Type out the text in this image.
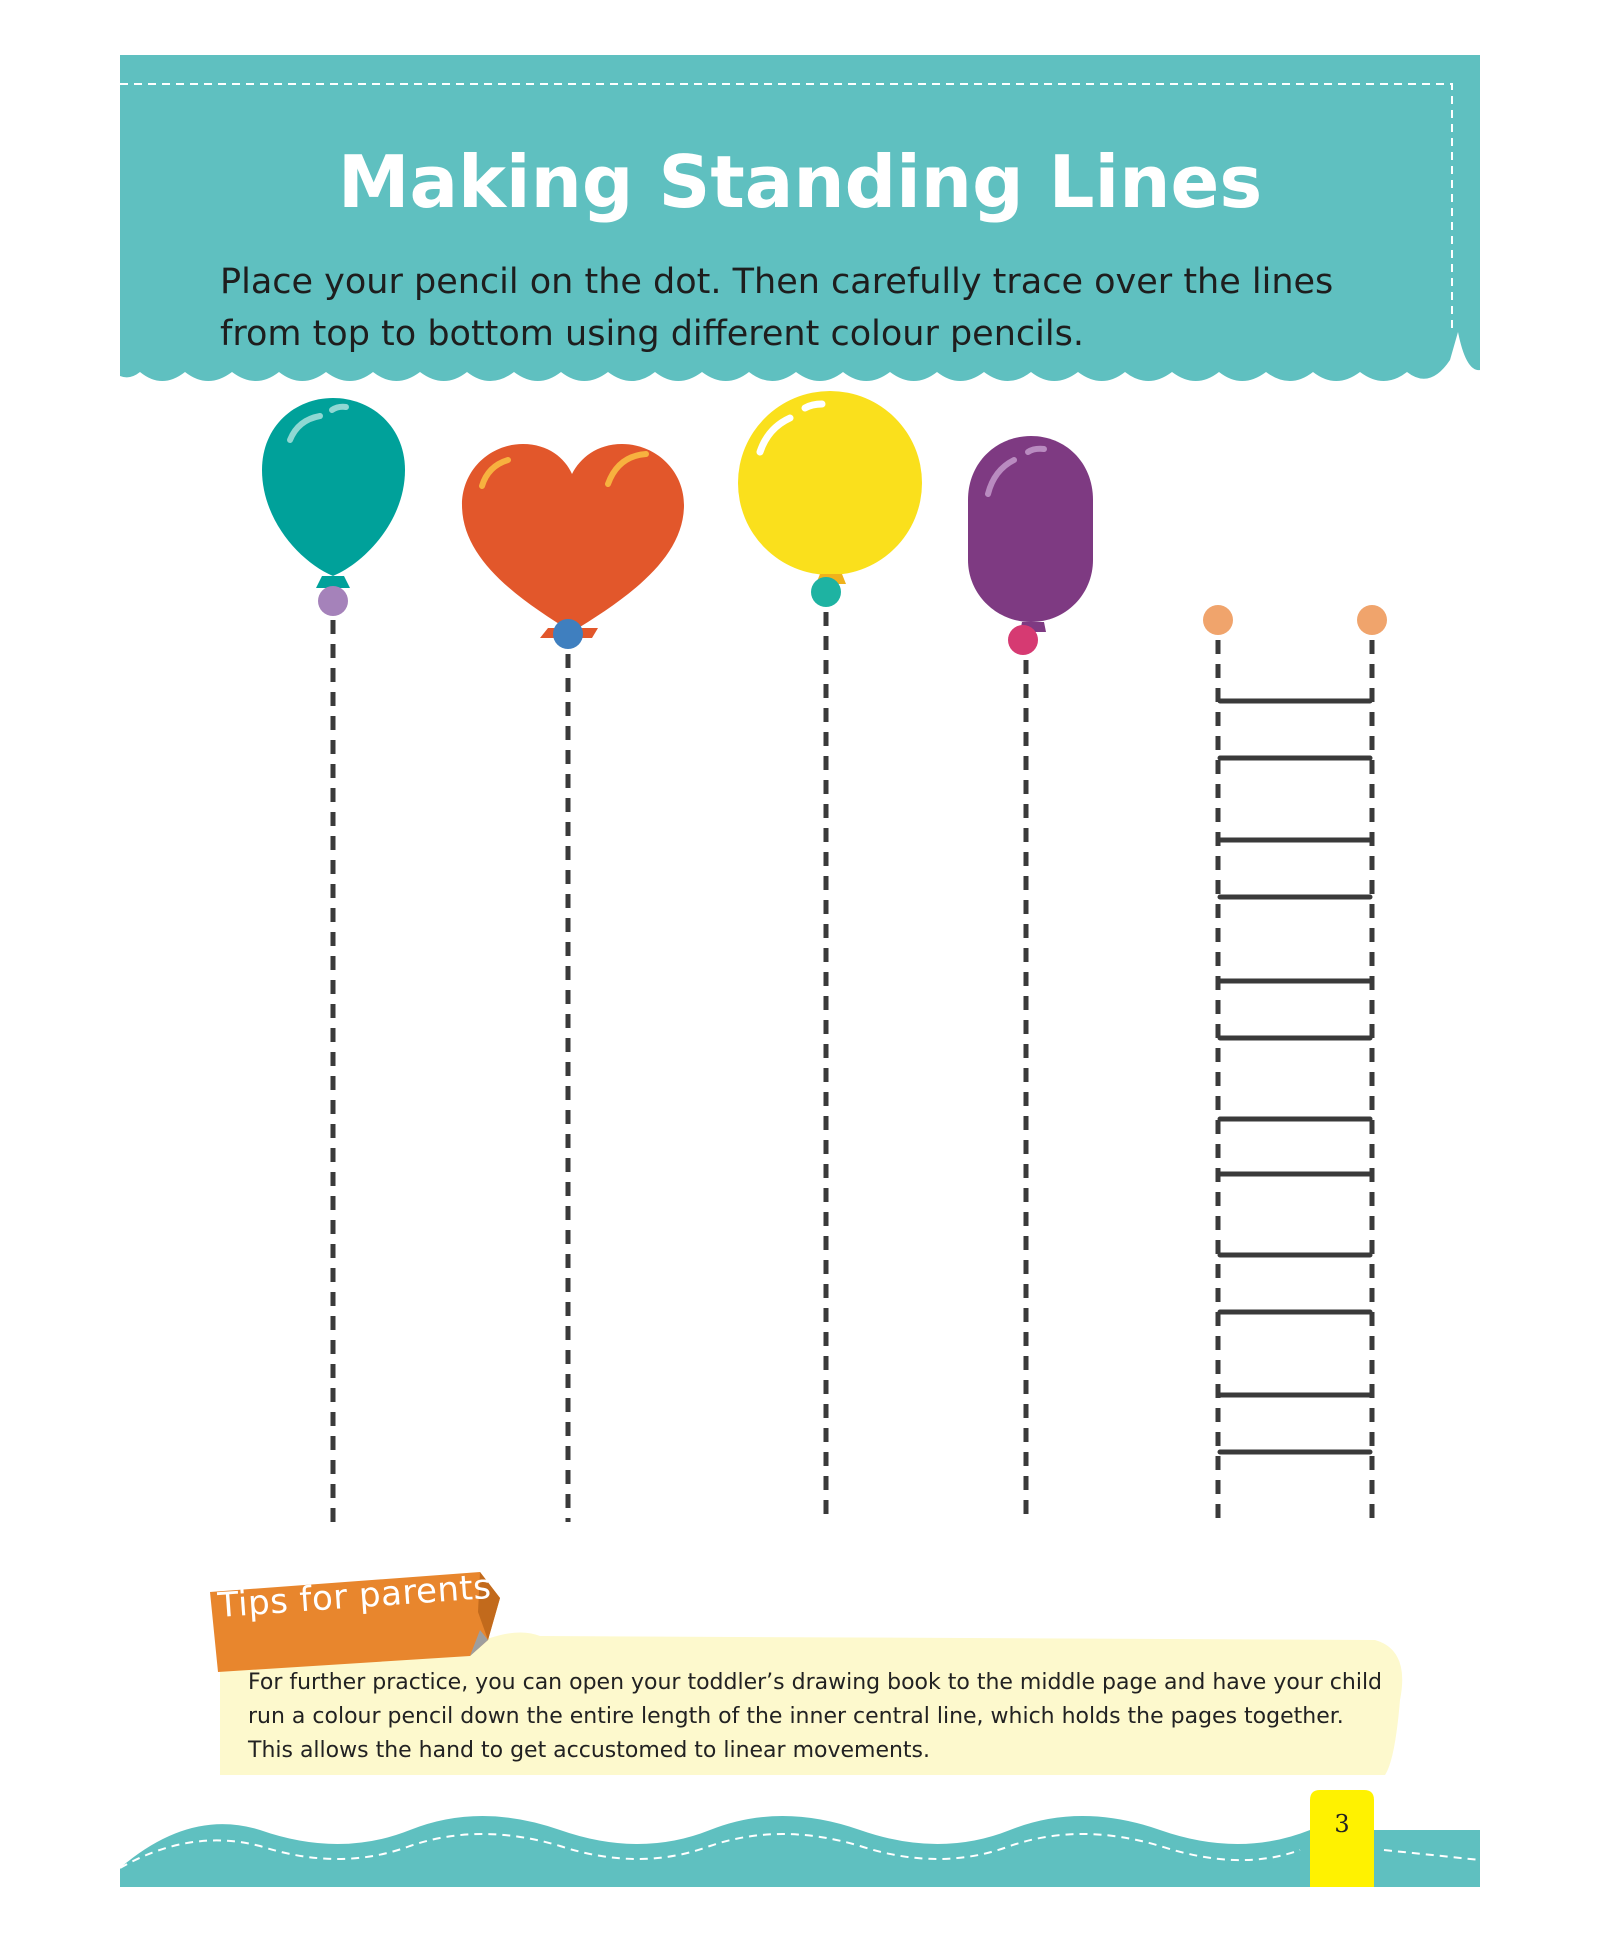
Making Standing Lines

Place your pencil on the dot. Then carefully trace over the lines from top to bottom using different colour pencils.

Tips for parents

For further practice, you can open your toddler’s drawing book to the middle page and have your child run a colour pencil down the entire length of the inner central line, which holds the pages together. This allows the hand to get accustomed to linear movements.

3
